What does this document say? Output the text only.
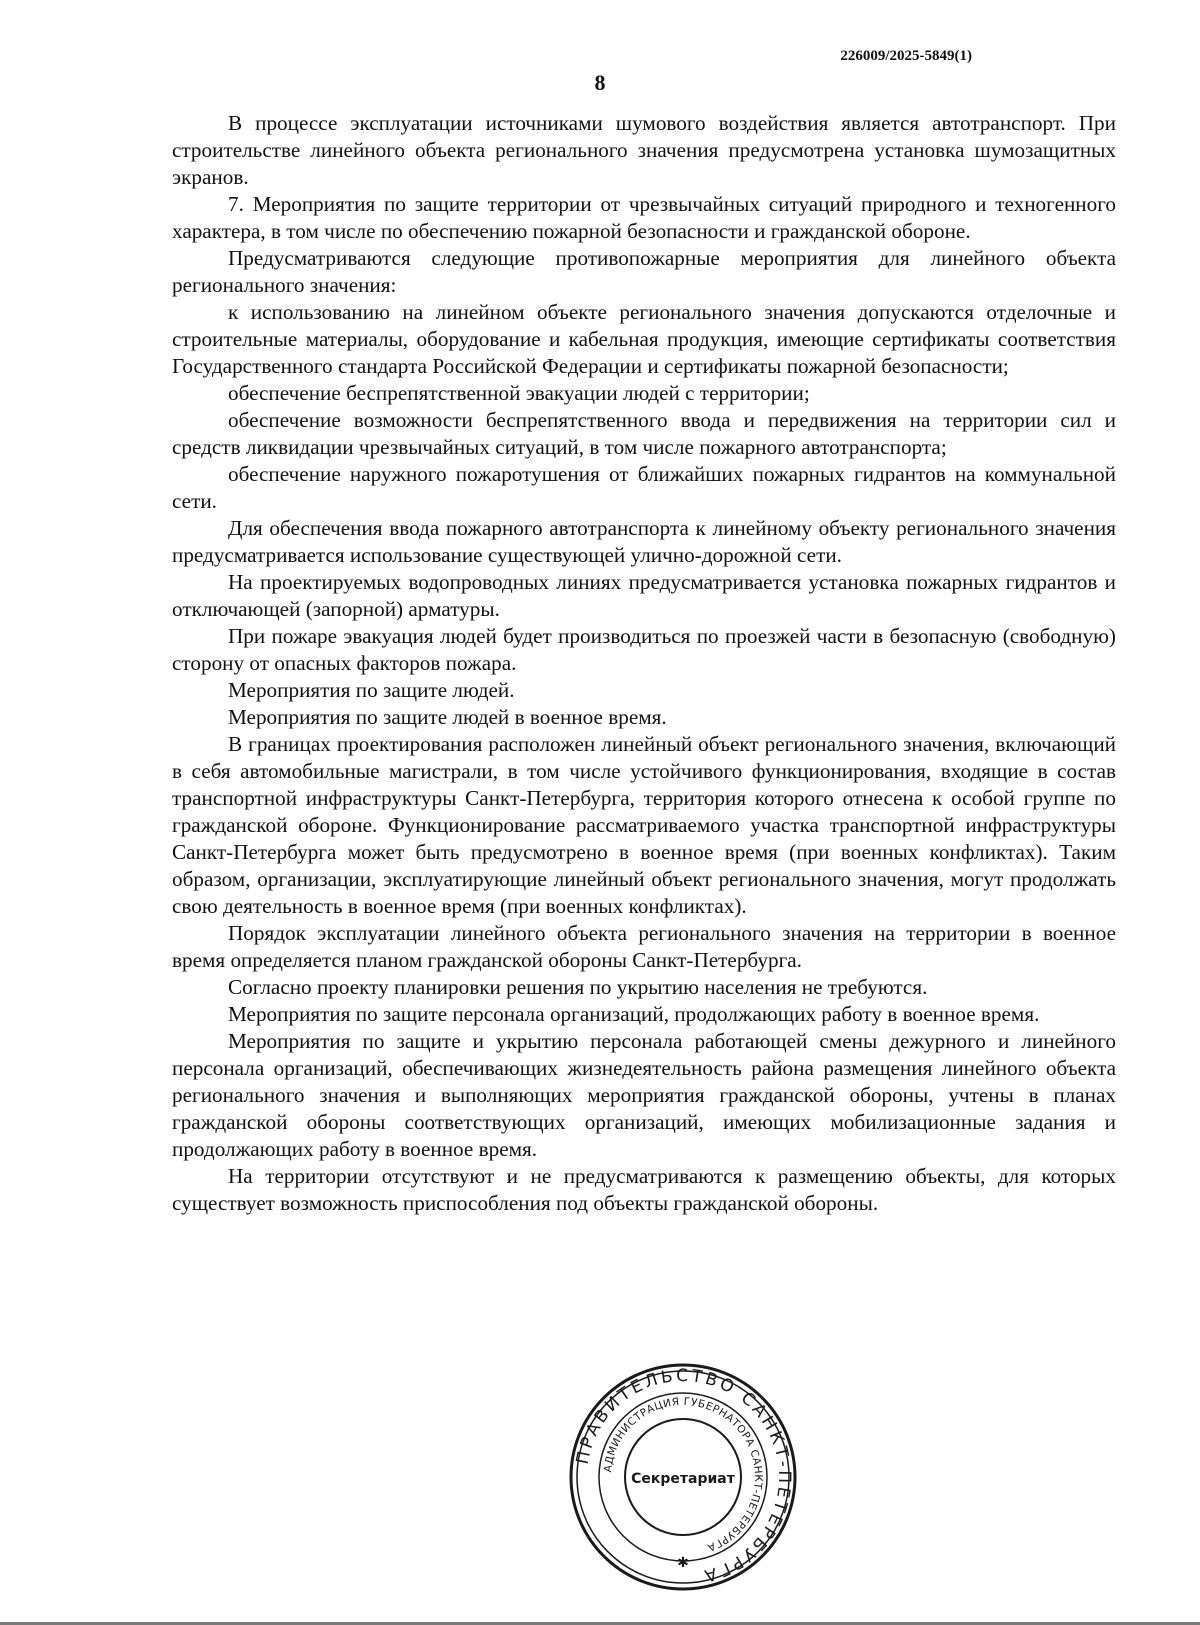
226009/2025-5849(1)
8

В процессе эксплуатации источниками шумового воздействия является автотранспорт. При строительстве линейного объекта регионального значения предусмотрена установка шумозащитных экранов.

7. Мероприятия по защите территории от чрезвычайных ситуаций природного и техногенного характера, в том числе по обеспечению пожарной безопасности и гражданской обороне.

Предусматриваются следующие противопожарные мероприятия для линейного объекта регионального значения:

к использованию на линейном объекте регионального значения допускаются отделочные и строительные материалы, оборудование и кабельная продукция, имеющие сертификаты соответствия Государственного стандарта Российской Федерации и сертификаты пожарной безопасности;

обеспечение беспрепятственной эвакуации людей с территории;

обеспечение возможности беспрепятственного ввода и передвижения на территории сил и средств ликвидации чрезвычайных ситуаций, в том числе пожарного автотранспорта;

обеспечение наружного пожаротушения от ближайших пожарных гидрантов на коммунальной сети.

Для обеспечения ввода пожарного автотранспорта к линейному объекту регионального значения предусматривается использование существующей улично-дорожной сети.

На проектируемых водопроводных линиях предусматривается установка пожарных гидрантов и отключающей (запорной) арматуры.

При пожаре эвакуация людей будет производиться по проезжей части в безопасную (свободную) сторону от опасных факторов пожара.

Мероприятия по защите людей.

Мероприятия по защите людей в военное время.

В границах проектирования расположен линейный объект регионального значения, включающий в себя автомобильные магистрали, в том числе устойчивого функционирования, входящие в состав транспортной инфраструктуры Санкт-Петербурга, территория которого отнесена к особой группе по гражданской обороне. Функционирование рассматриваемого участка транспортной инфраструктуры Санкт-Петербурга может быть предусмотрено в военное время (при военных конфликтах). Таким образом, организации, эксплуатирующие линейный объект регионального значения, могут продолжать свою деятельность в военное время (при военных конфликтах).

Порядок эксплуатации линейного объекта регионального значения на территории в военное время определяется планом гражданской обороны Санкт-Петербурга.

Согласно проекту планировки решения по укрытию населения не требуются.

Мероприятия по защите персонала организаций, продолжающих работу в военное время.

Мероприятия по защите и укрытию персонала работающей смены дежурного и линейного персонала организаций, обеспечивающих жизнедеятельность района размещения линейного объекта регионального значения и выполняющих мероприятия гражданской обороны, учтены в планах гражданской обороны соответствующих организаций, имеющих мобилизационные задания и продолжающих работу в военное время.

На территории отсутствуют и не предусматриваются к размещению объекты, для которых существует возможность приспособления под объекты гражданской обороны.

ПРАВИТЕЛЬСТВО САНКТ-ПЕТЕРБУРГА
АДМИНИСТРАЦИЯ ГУБЕРНАТОРА САНКТ-ПЕТЕРБУРГА
Секретариат
✱
